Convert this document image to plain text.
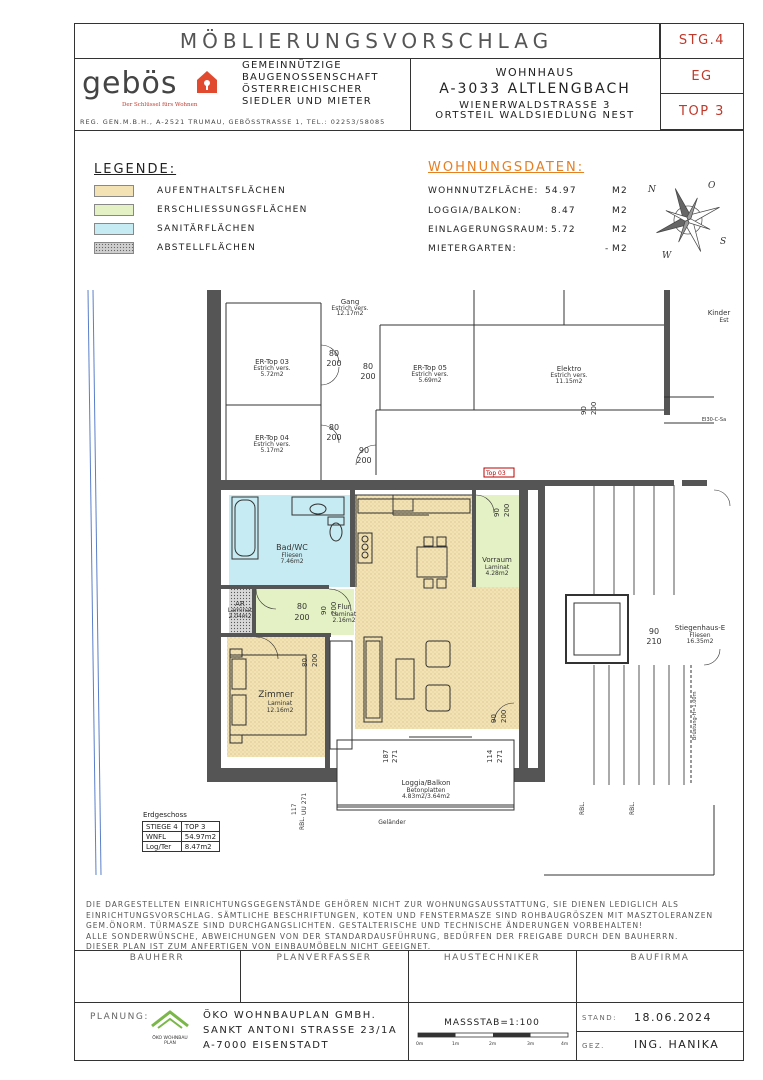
MÖBLIERUNGSVORSCHLAG	STG.4
EG
TOP 3
gebös
Der Schlüssel fürs Wohnen
GEMEINNÜTZIGE
BAUGENOSSENSCHAFT
ÖSTERREICHISCHER
SIEDLER UND MIETER
REG. GEN.M.B.H., A-2521 TRUMAU, GEBÖSSTRASSE 1, TEL.: 02253/58085
WOHNHAUS
A-3033 ALTLENGBACH
WIENERWALDSTRASSE 3
ORTSTEIL WALDSIEDLUNG NEST
LEGENDE:
AUFENTHALTSFLÄCHEN
ERSCHLIESSUNGSFLÄCHEN
SANITÄRFLÄCHEN
ABSTELLFLÄCHEN
WOHNUNGSDATEN:
WOHNNUTZFLÄCHE: 54.97	M2
LOGGIA/BALKON:	8.47	M2
EINLAGERUNGSRAUM: 5.72	M2
MIETERGARTEN:	- M2
N	O
S
W
Top 03
Gang
Estrich vers.
12.17m2
ER-Top 03
Estrich vers.
5.72m2
ER-Top 05
Estrich vers.
5.69m2
ER-Top 04
Estrich vers.
5.17m2
Elektro
Estrich vers.
11.15m2
Kinder
Est
Bad/WC
Fliesen
7.46m2	Vorraum
Laminat
4.28m2
AR
Laminat
2.04m2
Flur
Laminat
2.16m2
Zimmer
Laminat
12.16m2
Loggia/Balkon
Betonplatten
4.83m2/3.64m2
Stiegenhaus-E
Fliesen
16.35m2
Geländer
80
200	80
200
80
200
90
200
80
200
90
210
EI30-C-Sa
80 200
90 200
90 200
90 200
90 200
187 271	114 271
117 UU 271
RBL.
RBL.	RBL.
Brüstung-H=1.00m
Erdgeschoss
STIEGE 4	TOP 3
WNFL	54.97m2
Log/Ter	8.47m2
DIE DARGESTELLTEN EINRICHTUNGSGEGENSTÄNDE GEHÖREN NICHT ZUR WOHNUNGSAUSSTATTUNG, SIE DIENEN LEDIGLICH ALS
EINRICHTUNGSVORSCHLAG. SÄMTLICHE BESCHRIFTUNGEN, KOTEN UND FENSTERMASZE SIND ROHBAUGRÖSZEN MIT MASZTOLERANZEN
GEM.ÖNORM. TÜRMASZE SIND DURCHGANGSLICHTEN. GESTALTERISCHE UND TECHNISCHE ÄNDERUNGEN VORBEHALTEN!
ALLE SONDERWÜNSCHE, ABWEICHUNGEN VON DER STANDARDAUSFÜHRUNG, BEDÜRFEN DER FREIGABE DURCH DEN BAUHERRN.
DIESER PLAN IST ZUM ANFERTIGEN VON EINBAUMÖBELN NICHT GEEIGNET.
BAUHERR	PLANVERFASSER	HAUSTECHNIKER	BAUFIRMA
PLANUNG:
ÖKO WOHNBAU PLAN
ÖKO WOHNBAUPLAN GMBH.
SANKT ANTONI STRASSE 23/1A
A-7000 EISENSTADT
MASSSTAB=1:100
0m	1m	2m	3m	4m
STAND: 18.06.2024
GEZ.	ING. HANIKA
